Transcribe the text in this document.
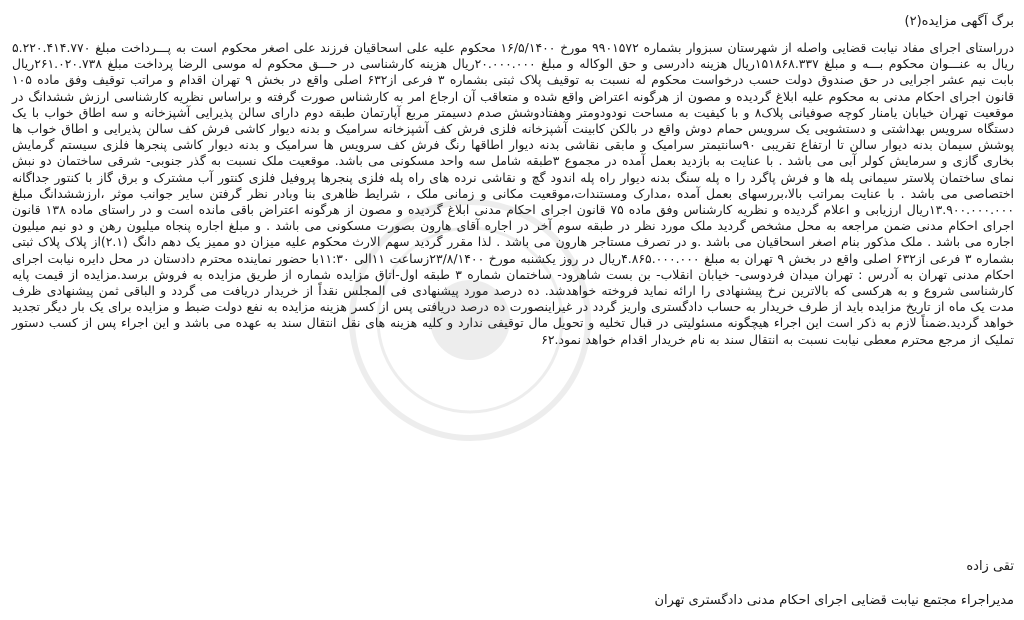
برگ آگهی مزایده(۲)

درراستای اجرای مفاد نیابت قضایی واصله از شهرستان سبزوار بشماره ۹۹۰۱۵۷۲ مورخ ۱۶/۵/۱۴۰۰ محکوم علیه علی اسحاقیان فرزند علی اصغر محکوم است به پـــرداخت مبلغ ۵.۲۲۰.۴۱۴.۷۷۰ ریال به عنـــوان محکوم بـــه و مبلغ ۱۵۱۸۶۸.۳۳۷ریال هزینه دادرسی و حق الوکاله و مبلغ ۲۰.۰۰۰.۰۰۰ریال هزینه کارشناسی در حـــق محکوم له موسی الرضا پرداخت مبلغ ۲۶۱.۰۲۰.۷۳۸ریال بابت نیم عشر اجرایی در حق صندوق دولت حسب درخواست محکوم له نسبت به توقیف پلاک ثبتی بشماره ۳ فرعی از۶۳۲ اصلی واقع در بخش ۹ تهران اقدام و مراتب توقیف وفق ماده ۱۰۵ قانون اجرای احکام مدنی به محکوم علیه ابلاغ گردیده و مصون از هرگونه اعتراض واقع شده و متعاقب آن ارجاع امر به کارشناس صورت گرفته و براساس نظریه کارشناسی ارزش ششدانگ در موقعیت تهران خیابان یامنار کوچه صوفیانی پلاک۸ و با کیفیت به مساحت نودودومتر وهفتادوشش صدم دسیمتر مربع آپارتمان طبقه دوم دارای سالن پذیرایی آشپزخانه و سه اطاق خواب با یک دستگاه سرویس بهداشتی و دستشویی یک سرویس حمام دوش واقع در بالکن کابینت آشپزخانه فلزی فرش کف آشپزخانه سرامیک و بدنه دیوار کاشی فرش کف سالن پذیرایی و اطاق خواب ها پوشش سیمان بدنه دیوار سالن تا ارتفاع تقریبی ۹۰سانتیمتر سرامیک و مابقی نقاشی بدنه دیوار اطاقها رنگ فرش کف سرویس ها سرامیک و بدنه دیوار کاشی پنجرها فلزی سیستم گرمایش بخاری گازی و سرمایش کولر آبی می باشد . با عنایت به بازدید بعمل آمده در مجموع ۳طبقه شامل سه واحد مسکونی می باشد. موقعیت ملک نسبت به گذر جنوبی- شرقی ساختمان دو نبش نمای ساختمان پلاستر سیمانی پله ها و فرش پاگرد را ه پله سنگ بدنه دیوار راه پله اندود گچ و نقاشی نرده های راه پله فلزی پنجرها پروفیل فلزی کنتور آب مشترک و برق گاز با کنتور جداگانه اختصاصی می باشد . با عنایت بمراتب بالا،بررسهای بعمل آمده ،مدارک ومستندات،موقعیت مکانی و زمانی ملک ، شرایط ظاهری بنا وبادر نظر گرفتن سایر جوانب موثر ،ارزششدانگ مبلغ ۱۳.۹۰۰.۰۰۰.۰۰۰ریال ارزیابی و اعلام گردیده و نظریه کارشناس وفق ماده ۷۵ قانون اجرای احکام مدنی ابلاغ گردیده و مصون از هرگونه اعتراض باقی مانده است و در راستای ماده ۱۳۸ قانون اجرای احکام مدنی ضمن مراجعه به محل مشخص گردید ملک مورد نظر در طبقه سوم آخر در اجاره آقای هارون بصورت مسکونی می باشد . و مبلغ اجاره پنجاه میلیون رهن و دو نیم میلیون اجاره می باشد . ملک مذکور بنام اصغر اسحاقیان می باشد .و در تصرف مستاجر هارون می باشد . لذا مقرر گردید سهم الارث محکوم علیه میزان دو ممیز یک دهم دانگ (۲.۱)از پلاک پلاک ثبتی بشماره ۳ فرعی از۶۳۲ اصلی واقع در بخش ۹ تهران به مبلغ ۴.۸۶۵.۰۰۰.۰۰۰ریال در روز یکشنبه مورخ ۲۳/۸/۱۴۰۰زساعت ۱۱الی ۱۱:۳۰با حضور نماینده محترم دادستان در محل دایره نیابت اجرای احکام مدنی تهران به آدرس : تهران میدان فردوسی- خیابان انقلاب- بن بست شاهرود- ساختمان شماره ۳ طبقه اول-اتاق مزایده شماره از طریق مزایده به فروش برسد.مزایده از قیمت پایه کارشناسی شروع و به هرکسی که بالاترین نرخ پیشنهادی را ارائه نماید فروخته خواهدشد. ده درصد مورد پیشنهادی فی المجلس نقداً از خریدار دریافت می گردد و الباقی ثمن پیشنهادی ظرف مدت یک ماه از تاریخ مزایده باید از طرف خریدار به حساب دادگستری واریز گردد در غیراینصورت ده درصد دریافتی پس از کسر هزینه مزایده به نفع دولت ضبط و مزایده برای یک بار دیگر تجدید خواهد گردید.ضمناً لازم به ذکر است این اجراء هیچگونه مسئولیتی در قبال تخلیه و تحویل مال توقیفی ندارد و کلیه هزینه های نقل انتقال سند به عهده می باشد و این اجراء پس از کسب دستور تملیک از مرجع محترم معطی نیابت نسبت به انتقال سند به نام خریدار اقدام خواهد نمود.۶۲

تقی زاده
مدیراجراء مجتمع نیابت قضایی اجرای احکام مدنی دادگستری تهران
